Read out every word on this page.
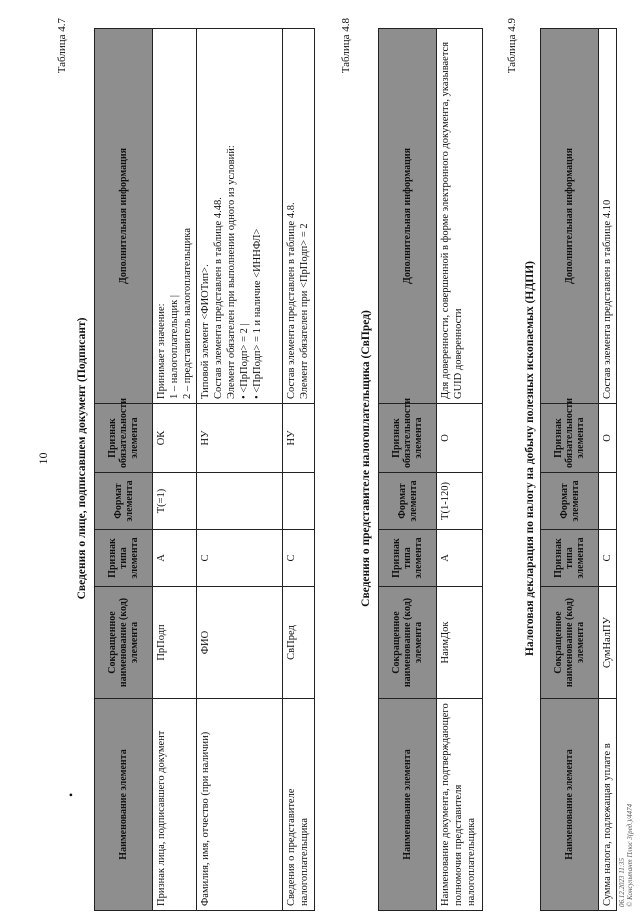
10
•
Таблица 4.7
Сведения о лице, подписавшем документ (Подписант)
Наименование элемента	Сокращенное наименование (код) элемента	Признак типа элемента	Формат элемента	Признак обязательности элемента	Дополнительная информация
Признак лица, подписавшего документ	ПрПодп	А	T(=1)	ОК	Принимает значение: 1 – налогоплательщик | 2 – представитель налогоплательщика

Фамилия, имя, отчество (при наличии)	ФИО	С		НУ	Типовой элемент <ФИОТип>. Состав элемента представлен в таблице 4.48. Элемент обязателен при выполнении одного из условий: • <ПрПодп> = 2 | • <ПрПодп> = 1 и наличие <ИННФЛ>

Сведения о представителе налогоплательщика	СвПред	С		НУ	Состав элемента представлен в таблице 4.8. Элемент обязателен при <ПрПодп> = 2
Таблица 4.8
Сведения о представителе налогоплательщика (СвПред)
Наименование элемента	Сокращенное наименование (код) элемента	Признак типа элемента	Формат элемента	Признак обязательности элемента	Дополнительная информация
Наименование документа, подтверждающего полномочия представителя налогоплательщика	НаимДок	А	T(1-120)	О	Для доверенности, совершенной в форме электронного документа, указывается GUID доверенности
Таблица 4.9
Налоговая декларация по налогу на добычу полезных ископаемых (НДПИ)
Наименование элемента	Сокращенное наименование (код) элемента	Признак типа элемента	Формат элемента	Признак обязательности элемента	Дополнительная информация
Сумма налога, подлежащая уплате в	СумНалПУ	С		О	Состав элемента представлен в таблице 4.10
06.12.2023 11:35 © Консультант Плюс 3(ред.)/4474
